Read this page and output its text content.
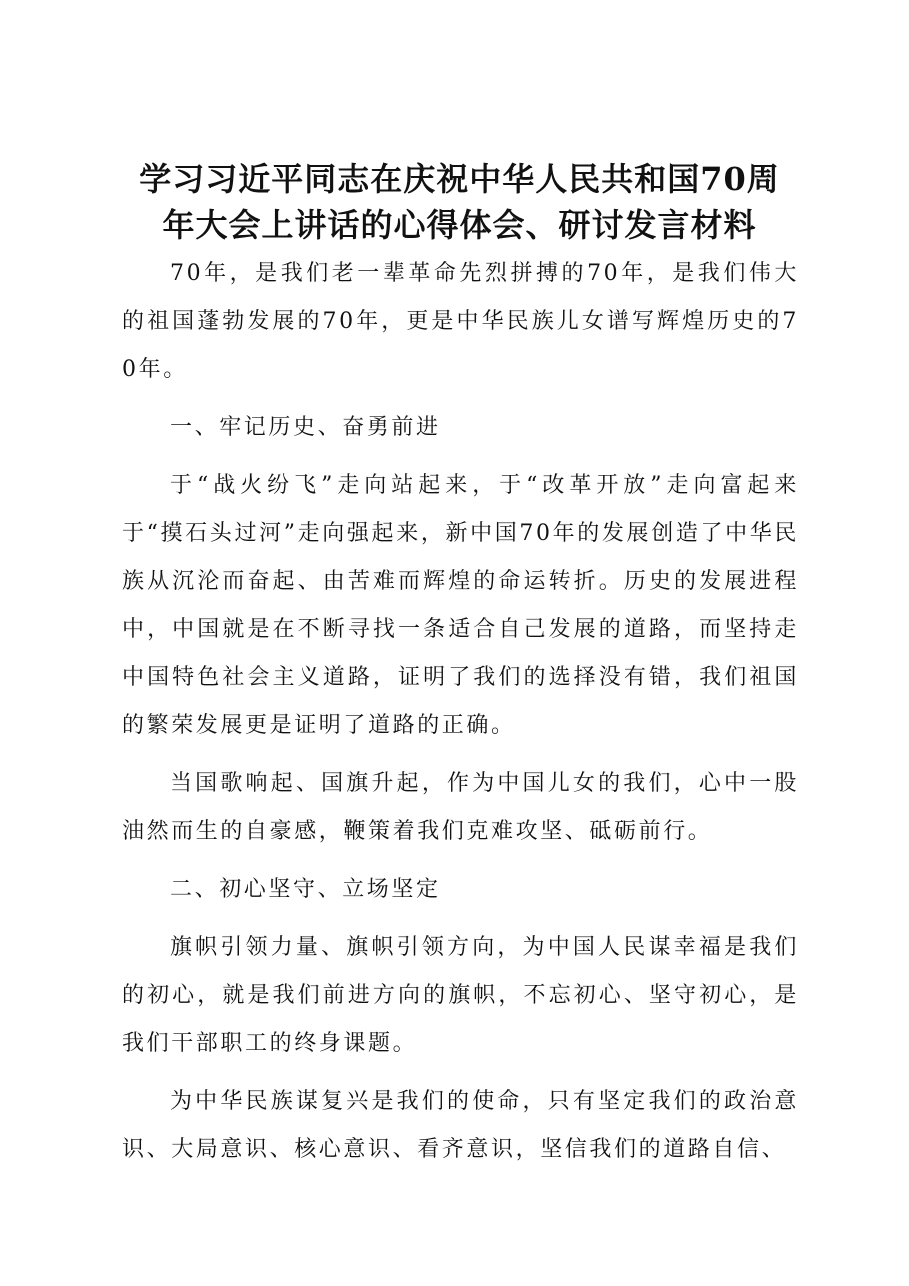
学习习近平同志在庆祝中华人民共和国70周
年大会上讲话的心得体会、研讨发言材料

70年，是我们老一辈革命先烈拼搏的70年，是我们伟大的祖国蓬勃发展的70年，更是中华民族儿女谱写辉煌历史的70年。

一、牢记历史、奋勇前进

于“战火纷飞”走向站起来，于“改革开放”走向富起来于“摸石头过河”走向强起来，新中国70年的发展创造了中华民族从沉沦而奋起、由苦难而辉煌的命运转折。历史的发展进程中，中国就是在不断寻找一条适合自己发展的道路，而坚持走中国特色社会主义道路，证明了我们的选择没有错，我们祖国的繁荣发展更是证明了道路的正确。

当国歌响起、国旗升起，作为中国儿女的我们，心中一股油然而生的自豪感，鞭策着我们克难攻坚、砥砺前行。

二、初心坚守、立场坚定

旗帜引领力量、旗帜引领方向，为中国人民谋幸福是我们的初心，就是我们前进方向的旗帜，不忘初心、坚守初心，是我们干部职工的终身课题。

为中华民族谋复兴是我们的使命，只有坚定我们的政治意识、大局意识、核心意识、看齐意识，坚信我们的道路自信、
